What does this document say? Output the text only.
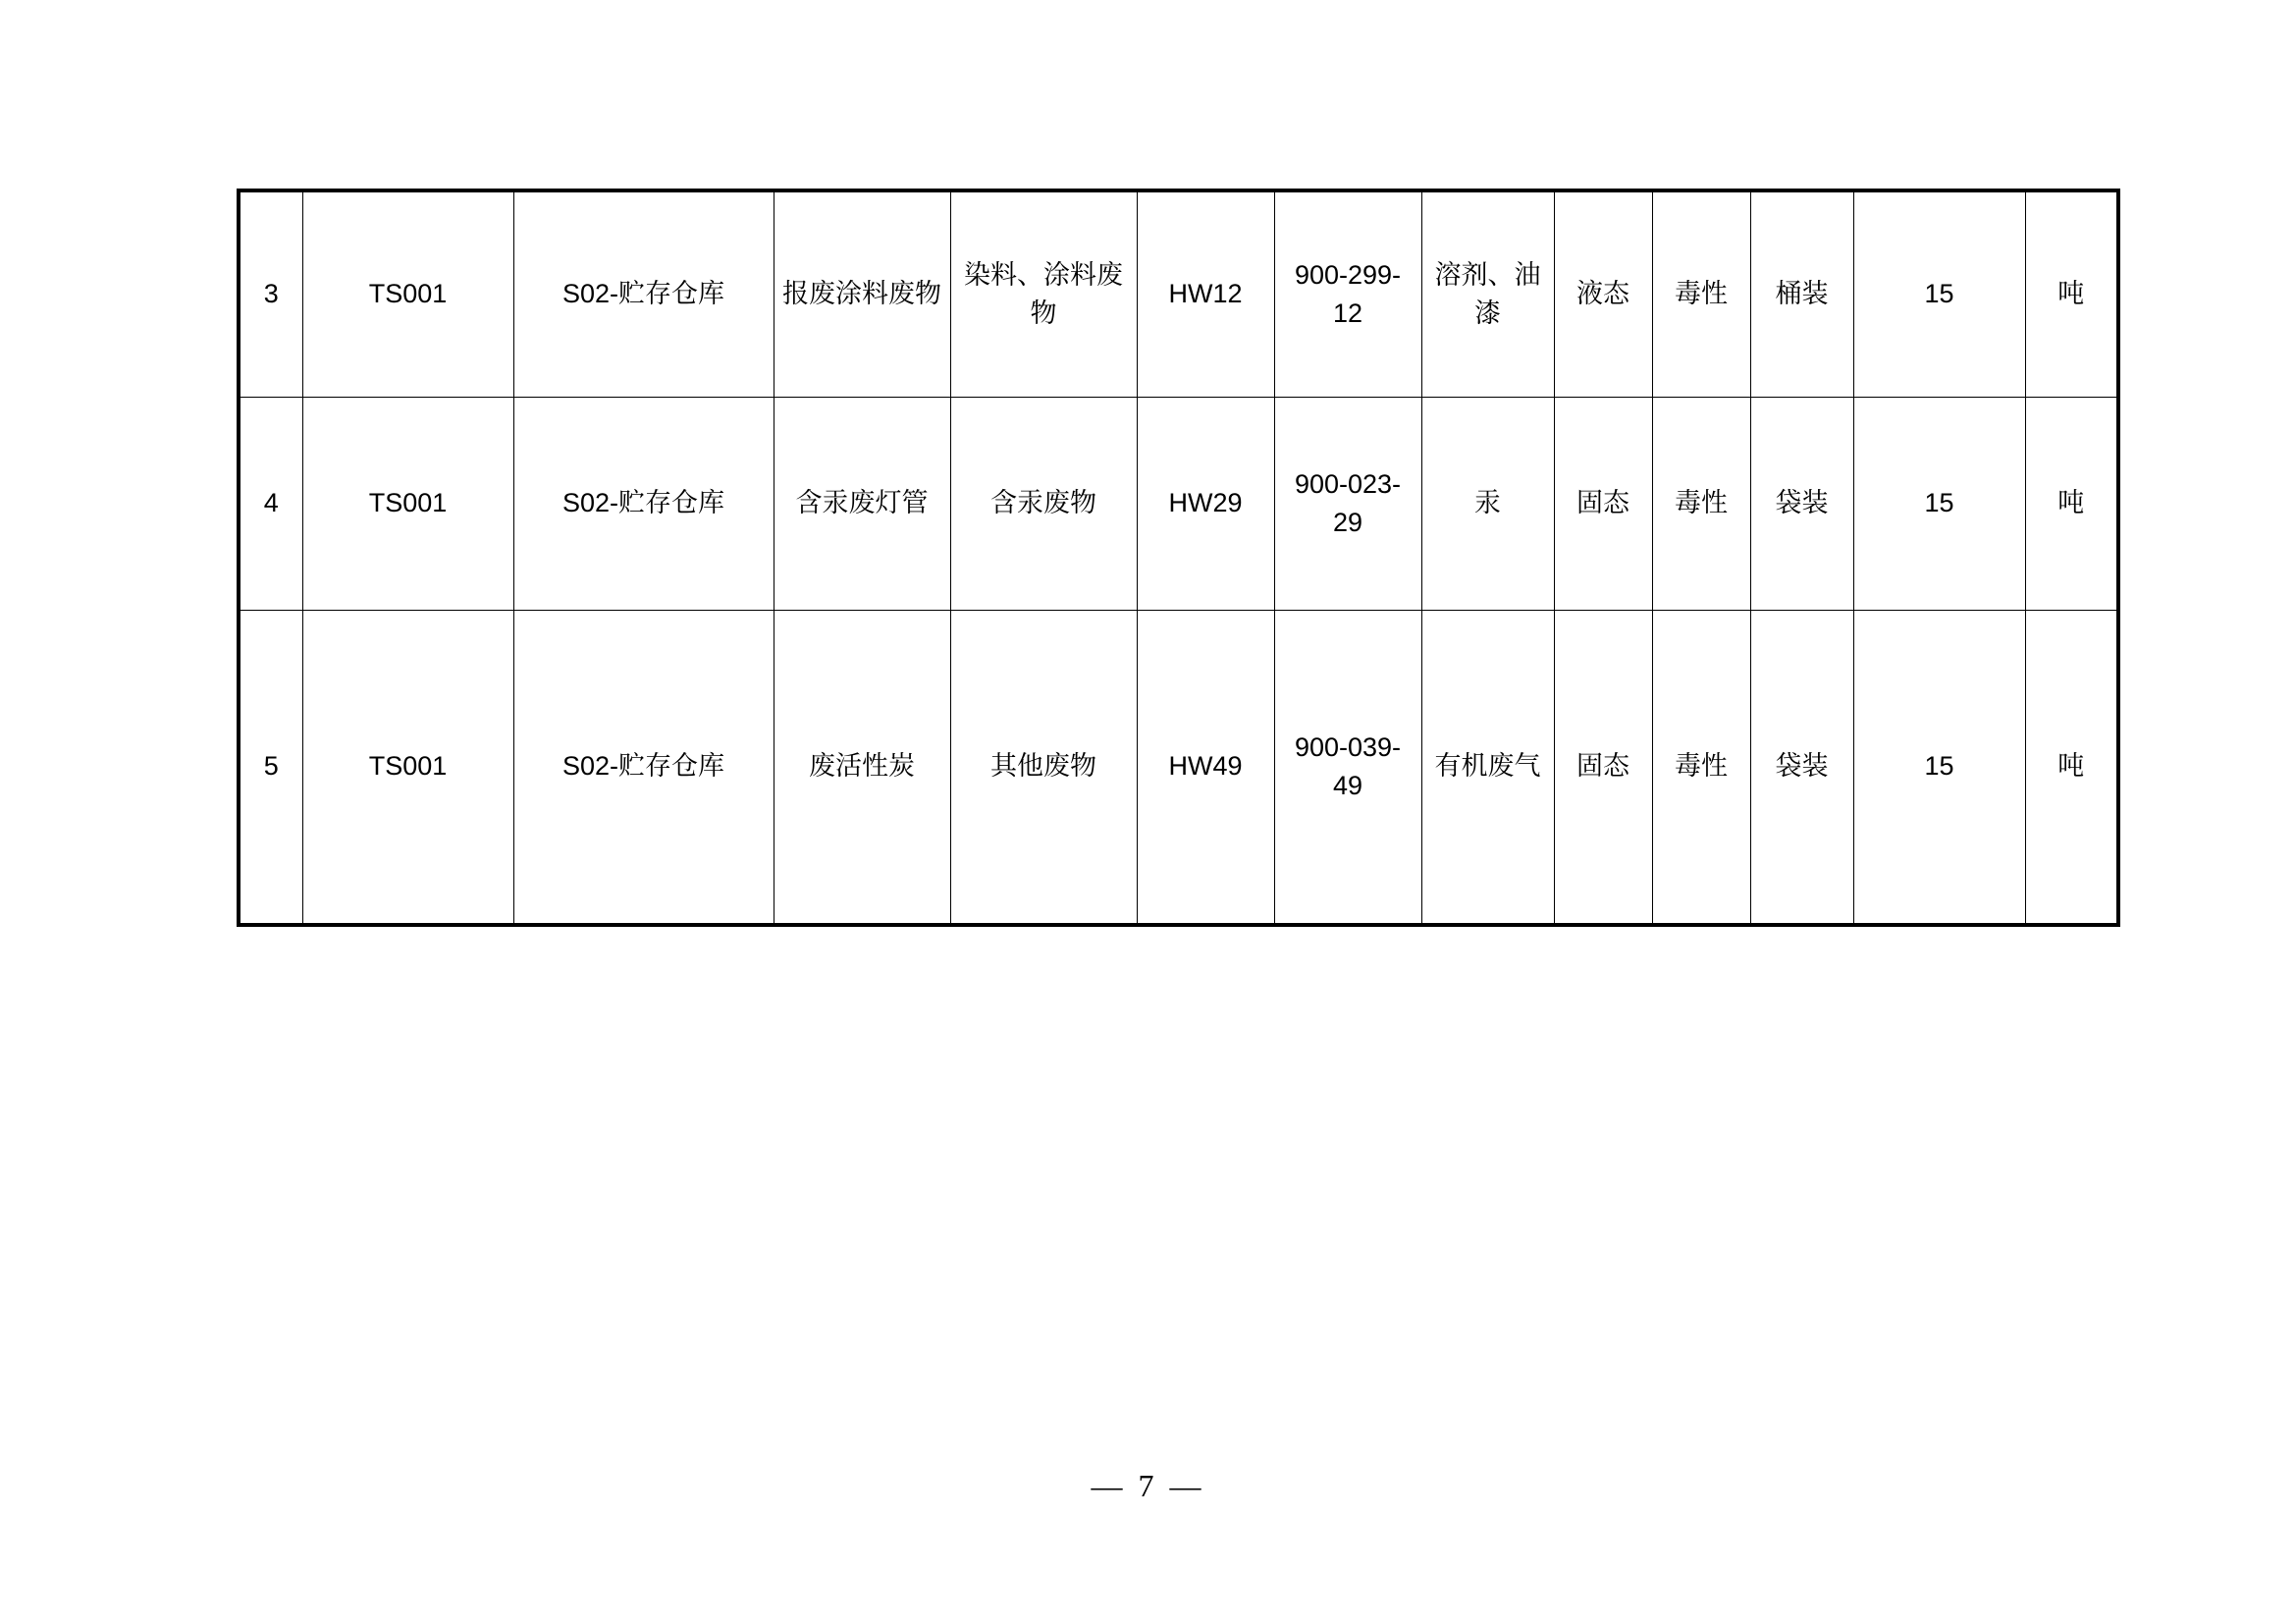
3	TS001	S02-贮存仓库	报废涂料废物	染料、涂料废物	HW12	900-299-12	溶剂、油漆	液态	毒性	桶装	15	吨
4	TS001	S02-贮存仓库	含汞废灯管	含汞废物	HW29	900-023-29	汞	固态	毒性	袋装	15	吨
5	TS001	S02-贮存仓库	废活性炭	其他废物	HW49	900-039-49	有机废气	固态	毒性	袋装	15	吨
— 7 —
